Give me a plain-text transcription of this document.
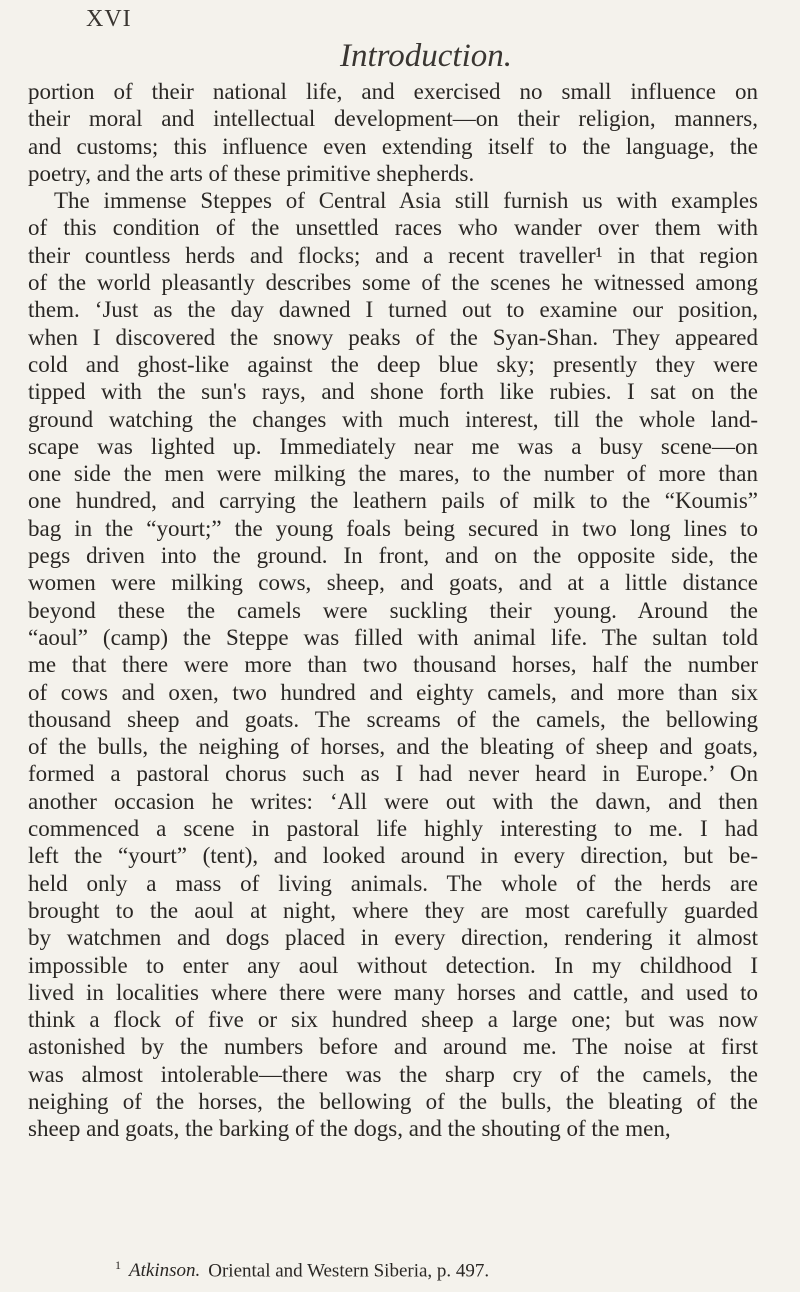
XVI
Introduction.
portion of their national life, and exercised no small influence on
their moral and intellectual development—on their religion, manners,
and customs; this influence even extending itself to the language, the
poetry, and the arts of these primitive shepherds.
The immense Steppes of Central Asia still furnish us with examples
of this condition of the unsettled races who wander over them with
their countless herds and flocks; and a recent traveller¹ in that region
of the world pleasantly describes some of the scenes he witnessed among
them. ‘Just as the day dawned I turned out to examine our position,
when I discovered the snowy peaks of the Syan-Shan. They appeared
cold and ghost-like against the deep blue sky; presently they were
tipped with the sun's rays, and shone forth like rubies. I sat on the
ground watching the changes with much interest, till the whole land-
scape was lighted up. Immediately near me was a busy scene—on
one side the men were milking the mares, to the number of more than
one hundred, and carrying the leathern pails of milk to the “Koumis”
bag in the “yourt;” the young foals being secured in two long lines to
pegs driven into the ground. In front, and on the opposite side, the
women were milking cows, sheep, and goats, and at a little distance
beyond these the camels were suckling their young. Around the
“aoul” (camp) the Steppe was filled with animal life. The sultan told
me that there were more than two thousand horses, half the number
of cows and oxen, two hundred and eighty camels, and more than six
thousand sheep and goats. The screams of the camels, the bellowing
of the bulls, the neighing of horses, and the bleating of sheep and goats,
formed a pastoral chorus such as I had never heard in Europe.’ On
another occasion he writes: ‘All were out with the dawn, and then
commenced a scene in pastoral life highly interesting to me. I had
left the “yourt” (tent), and looked around in every direction, but be-
held only a mass of living animals. The whole of the herds are
brought to the aoul at night, where they are most carefully guarded
by watchmen and dogs placed in every direction, rendering it almost
impossible to enter any aoul without detection. In my childhood I
lived in localities where there were many horses and cattle, and used to
think a flock of five or six hundred sheep a large one; but was now
astonished by the numbers before and around me. The noise at first
was almost intolerable—there was the sharp cry of the camels, the
neighing of the horses, the bellowing of the bulls, the bleating of the
sheep and goats, the barking of the dogs, and the shouting of the men,
$^1$ Atkinson. Oriental and Western Siberia, p. 497.
